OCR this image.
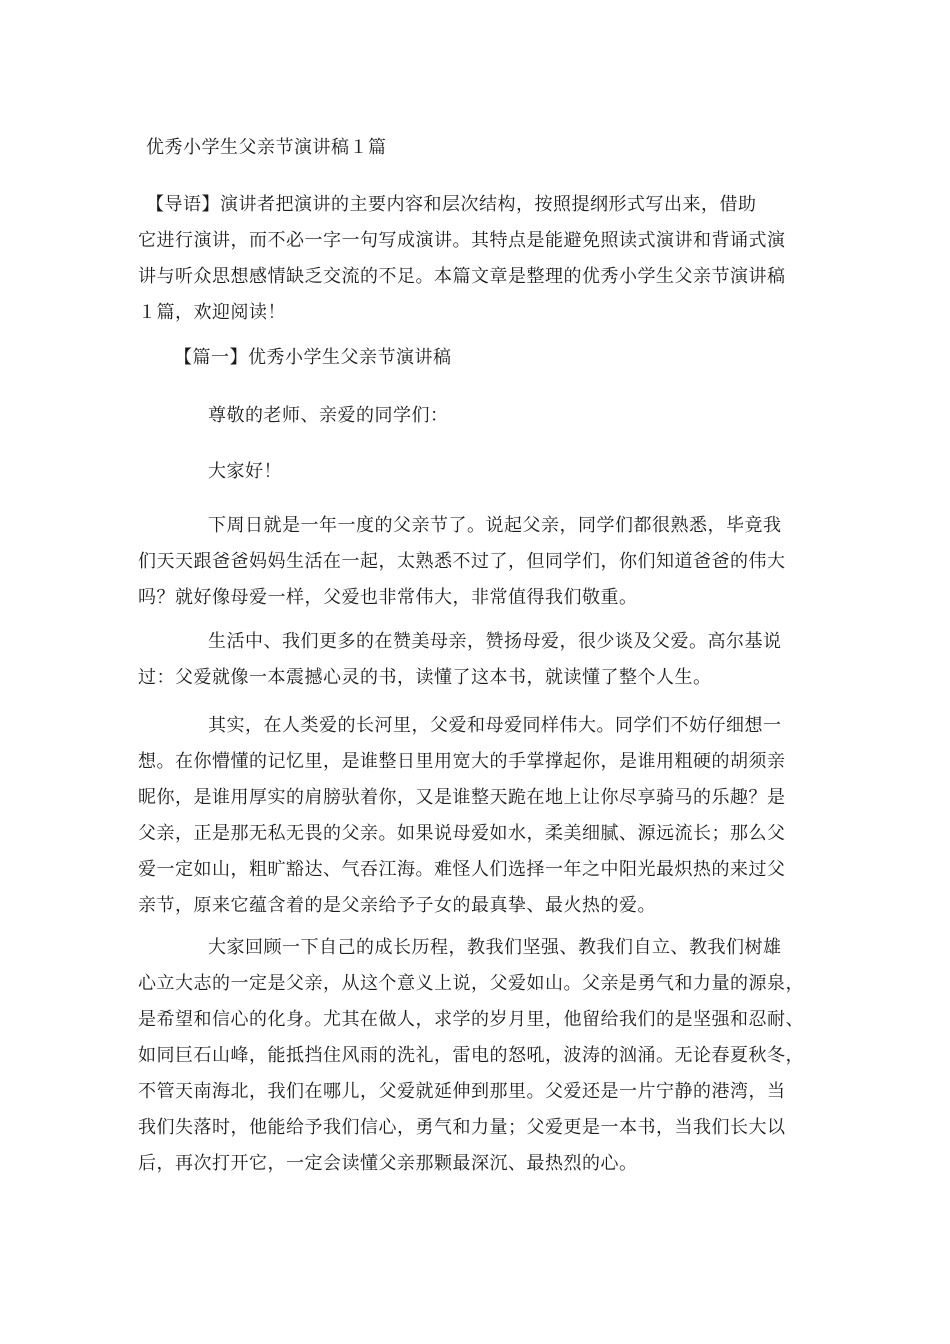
优秀小学生父亲节演讲稿１篇
【导语】演讲者把演讲的主要内容和层次结构，按照提纲形式写出来，借助
它进行演讲，而不必一字一句写成演讲。其特点是能避免照读式演讲和背诵式演
讲与听众思想感情缺乏交流的不足。本篇文章是整理的优秀小学生父亲节演讲稿
１篇，欢迎阅读！
【篇一】优秀小学生父亲节演讲稿
尊敬的老师、亲爱的同学们：
大家好！
下周日就是一年一度的父亲节了。说起父亲，同学们都很熟悉，毕竟我
们天天跟爸爸妈妈生活在一起，太熟悉不过了，但同学们，你们知道爸爸的伟大
吗？就好像母爱一样，父爱也非常伟大，非常值得我们敬重。
生活中、我们更多的在赞美母亲，赞扬母爱，很少谈及父爱。高尔基说
过：父爱就像一本震撼心灵的书，读懂了这本书，就读懂了整个人生。
其实，在人类爱的长河里，父爱和母爱同样伟大。同学们不妨仔细想一
想。在你懵懂的记忆里，是谁整日里用宽大的手掌撑起你，是谁用粗硬的胡须亲
昵你，是谁用厚实的肩膀驮着你，又是谁整天跪在地上让你尽享骑马的乐趣？是
父亲，正是那无私无畏的父亲。如果说母爱如水，柔美细腻、源远流长；那么父
爱一定如山，粗旷豁达、气吞江海。难怪人们选择一年之中阳光最炽热的来过父
亲节，原来它蕴含着的是父亲给予子女的最真挚、最火热的爱。
大家回顾一下自己的成长历程，教我们坚强、教我们自立、教我们树雄
心立大志的一定是父亲，从这个意义上说，父爱如山。父亲是勇气和力量的源泉，
是希望和信心的化身。尤其在做人，求学的岁月里，他留给我们的是坚强和忍耐、
如同巨石山峰，能抵挡住风雨的洗礼，雷电的怒吼，波涛的汹涌。无论春夏秋冬，
不管天南海北，我们在哪儿，父爱就延伸到那里。父爱还是一片宁静的港湾，当
我们失落时，他能给予我们信心，勇气和力量；父爱更是一本书，当我们长大以
后，再次打开它，一定会读懂父亲那颗最深沉、最热烈的心。
